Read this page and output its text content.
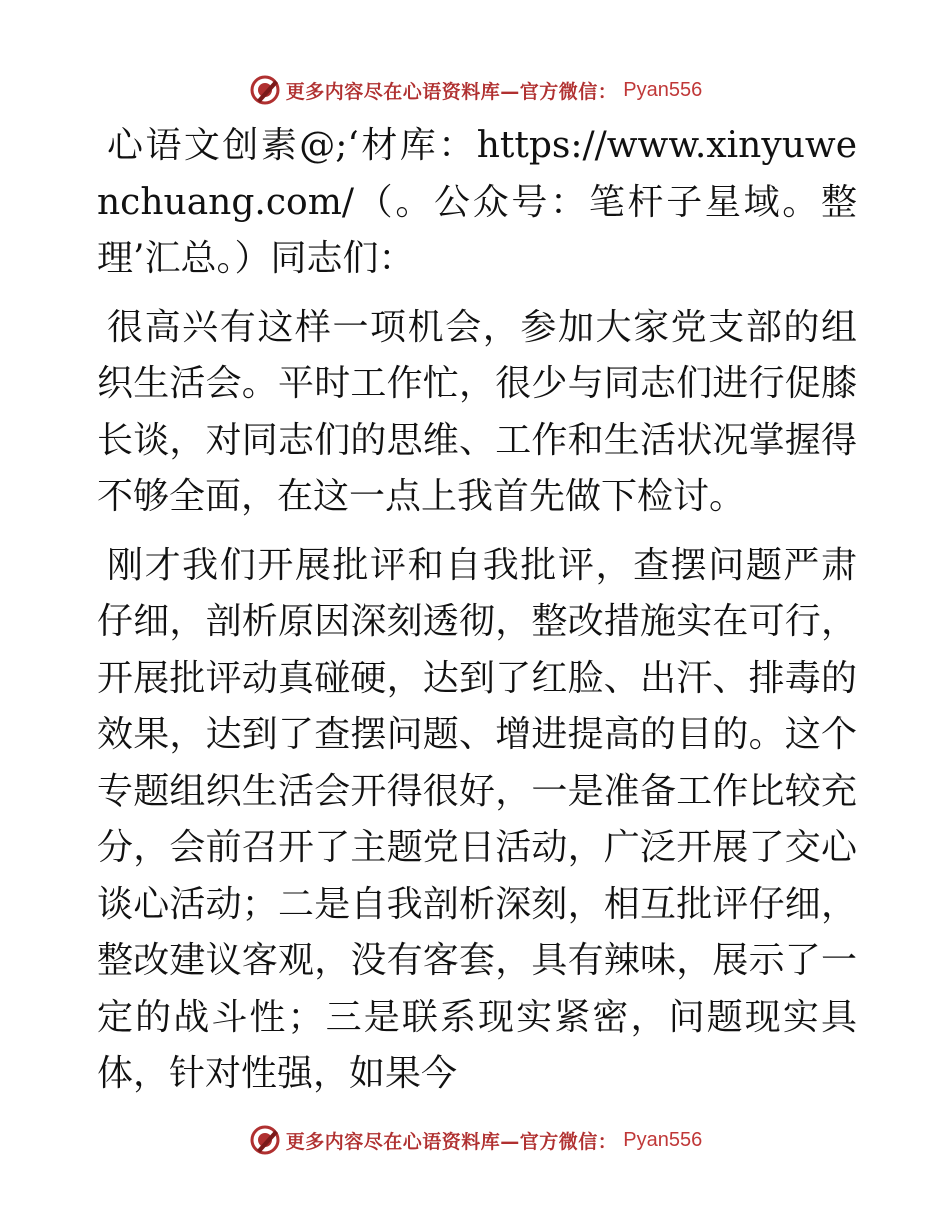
更多内容尽在心语资料库—官方微信： Pyan556

心语文创素@;‘材库：https://www.xinyuwenchuang.com/（。公众号：笔杆子星域。整理’汇总。）同志们：

很高兴有这样一项机会，参加大家党支部的组织生活会。平时工作忙，很少与同志们进行促膝长谈，对同志们的思维、工作和生活状况掌握得不够全面，在这一点上我首先做下检讨。

刚才我们开展批评和自我批评，查摆问题严肃仔细，剖析原因深刻透彻，整改措施实在可行，开展批评动真碰硬，达到了红脸、出汗、排毒的效果，达到了查摆问题、增进提高的目的。这个专题组织生活会开得很好，一是准备工作比较充分，会前召开了主题党日活动，广泛开展了交心谈心活动；二是自我剖析深刻，相互批评仔细，整改建议客观，没有客套，具有辣味，展示了一定的战斗性；三是联系现实紧密，问题现实具体，针对性强，如果今

更多内容尽在心语资料库—官方微信： Pyan556
